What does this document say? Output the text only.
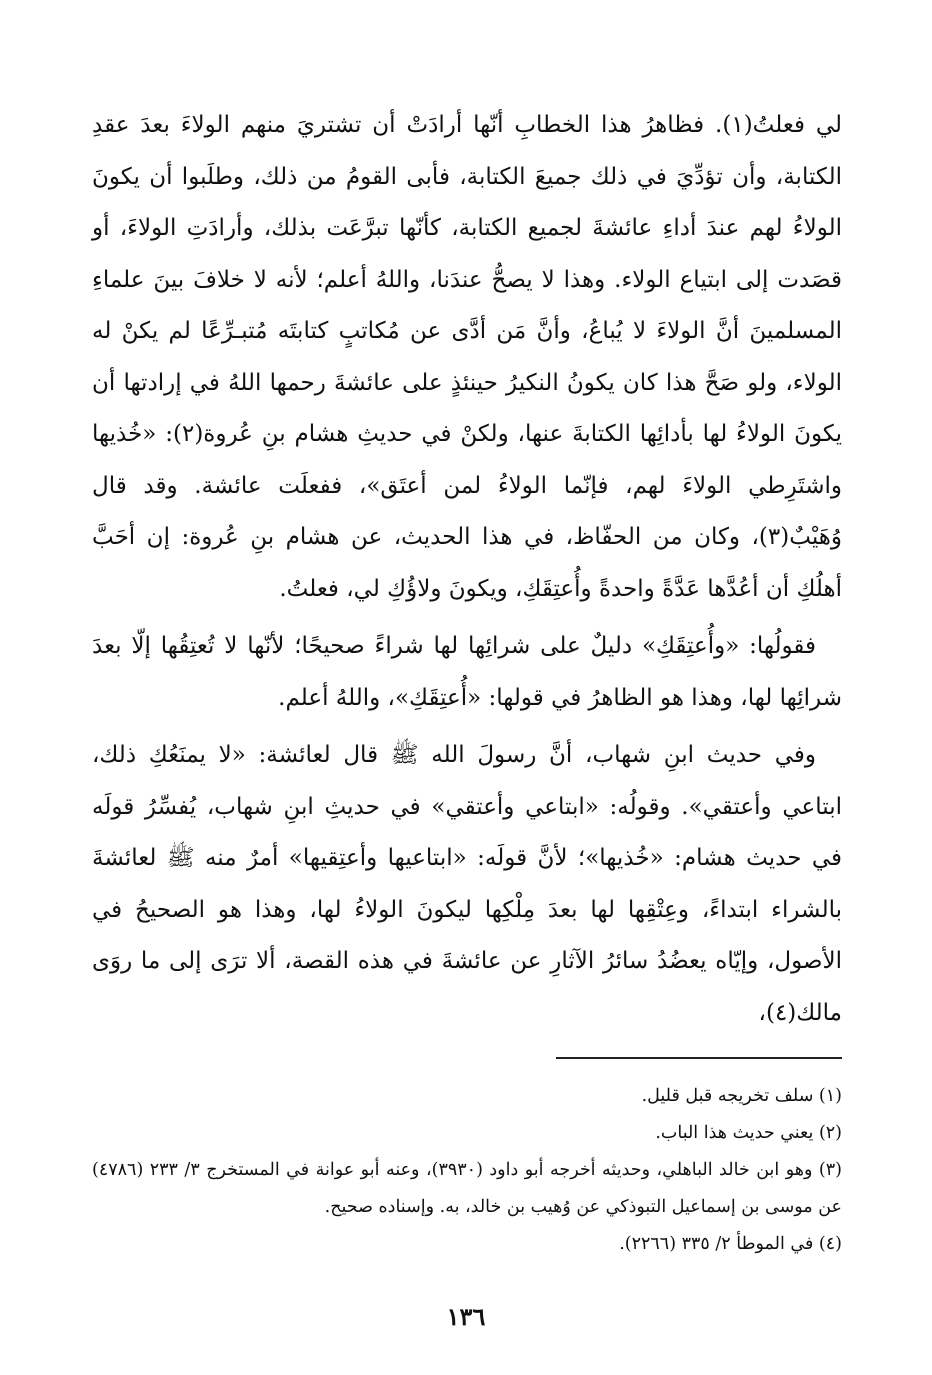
لي فعلتُ(١). فظاهرُ هذا الخطابِ أنّها أرادَتْ أن تشتريَ منهم الولاءَ بعدَ عقدِ الكتابة، وأن تؤدِّيَ في ذلك جميعَ الكتابة، فأبى القومُ من ذلك، وطلَبوا أن يكونَ الولاءُ لهم عندَ أداءِ عائشةَ لجميع الكتابة، كأنّها تبرَّعَت بذلك، وأرادَتِ الولاءَ، أو قصَدت إلى ابتياع الولاء. وهذا لا يصحُّ عندَنا، واللهُ أعلم؛ لأنه لا خلافَ بينَ علماءِ المسلمينَ أنَّ الولاءَ لا يُباعُ، وأنَّ مَن أدَّى عن مُكاتبٍ كتابتَه مُتبـرِّعًا لم يكنْ له الولاء، ولو صَحَّ هذا كان يكونُ النكيرُ حينئذٍ على عائشةَ رحمها اللهُ في إرادتها أن يكونَ الولاءُ لها بأدائِها الكتابةَ عنها، ولكنْ في حديثِ هشام بنِ عُروة(٢): «خُذيها واشتَرِطي الولاءَ لهم، فإنّما الولاءُ لمن أعتَق»، ففعلَت عائشة. وقد قال وُهَيْبٌ(٣)، وكان من الحفّاظ، في هذا الحديث، عن هشام بنِ عُروة: إن أحَبَّ أهلُكِ أن أعُدَّها عَدَّةً واحدةً وأُعتِقَكِ، ويكونَ ولاؤُكِ لي، فعلتُ.

فقولُها: «وأُعتِقَكِ» دليلٌ على شرائِها لها شراءً صحيحًا؛ لأنّها لا تُعتِقُها إلّا بعدَ شرائِها لها، وهذا هو الظاهرُ في قولها: «أُعتِقَكِ»، واللهُ أعلم.

وفي حديث ابنِ شهاب، أنَّ رسولَ الله ﷺ قال لعائشة: «لا يمنَعُكِ ذلك، ابتاعي وأعتقي». وقولُه: «ابتاعي وأعتقي» في حديثِ ابنِ شهاب، يُفسِّرُ قولَه في حديث هشام: «خُذيها»؛ لأنَّ قولَه: «ابتاعيها وأعتِقيها» أمرٌ منه ﷺ لعائشةَ بالشراء ابتداءً، وعِتْقِها لها بعدَ مِلْكِها ليكونَ الولاءُ لها، وهذا هو الصحيحُ في الأصول، وإيّاه يعضُدُ سائرُ الآثارِ عن عائشةَ في هذه القصة، ألا ترَى إلى ما روَى مالك(٤)،

(١) سلف تخريجه قبل قليل.

(٢) يعني حديث هذا الباب.

(٣) وهو ابن خالد الباهلي، وحديثه أخرجه أبو داود (٣٩٣٠)، وعنه أبو عوانة في المستخرج ٣/ ٢٣٣ (٤٧٨٦) عن موسى بن إسماعيل التبوذكي عن وُهيب بن خالد، به. وإسناده صحيح.

(٤) في الموطأ ٢/ ٣٣٥ (٢٢٦٦).

١٣٦
